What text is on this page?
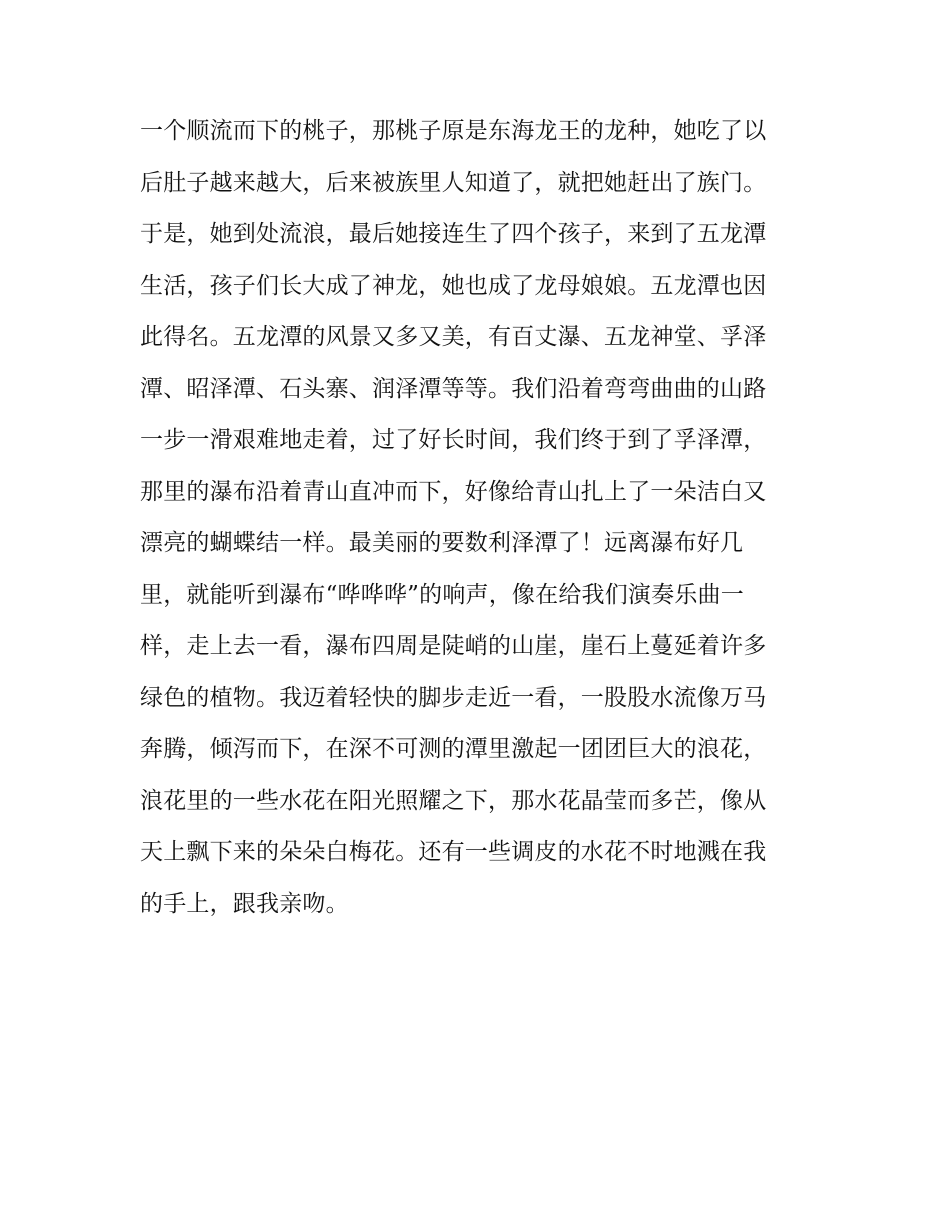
一个顺流而下的桃子，那桃子原是东海龙王的龙种，她吃了以
后肚子越来越大，后来被族里人知道了，就把她赶出了族门。
于是，她到处流浪，最后她接连生了四个孩子，来到了五龙潭
生活，孩子们长大成了神龙，她也成了龙母娘娘。五龙潭也因
此得名。五龙潭的风景又多又美，有百丈瀑、五龙神堂、孚泽
潭、昭泽潭、石头寨、润泽潭等等。我们沿着弯弯曲曲的山路
一步一滑艰难地走着，过了好长时间，我们终于到了孚泽潭，
那里的瀑布沿着青山直冲而下，好像给青山扎上了一朵洁白又
漂亮的蝴蝶结一样。最美丽的要数利泽潭了！远离瀑布好几
里，就能听到瀑布“哗哗哗”的响声，像在给我们演奏乐曲一
样，走上去一看，瀑布四周是陡峭的山崖，崖石上蔓延着许多
绿色的植物。我迈着轻快的脚步走近一看，一股股水流像万马
奔腾，倾泻而下，在深不可测的潭里激起一团团巨大的浪花，
浪花里的一些水花在阳光照耀之下，那水花晶莹而多芒，像从
天上飘下来的朵朵白梅花。还有一些调皮的水花不时地溅在我
的手上，跟我亲吻。
